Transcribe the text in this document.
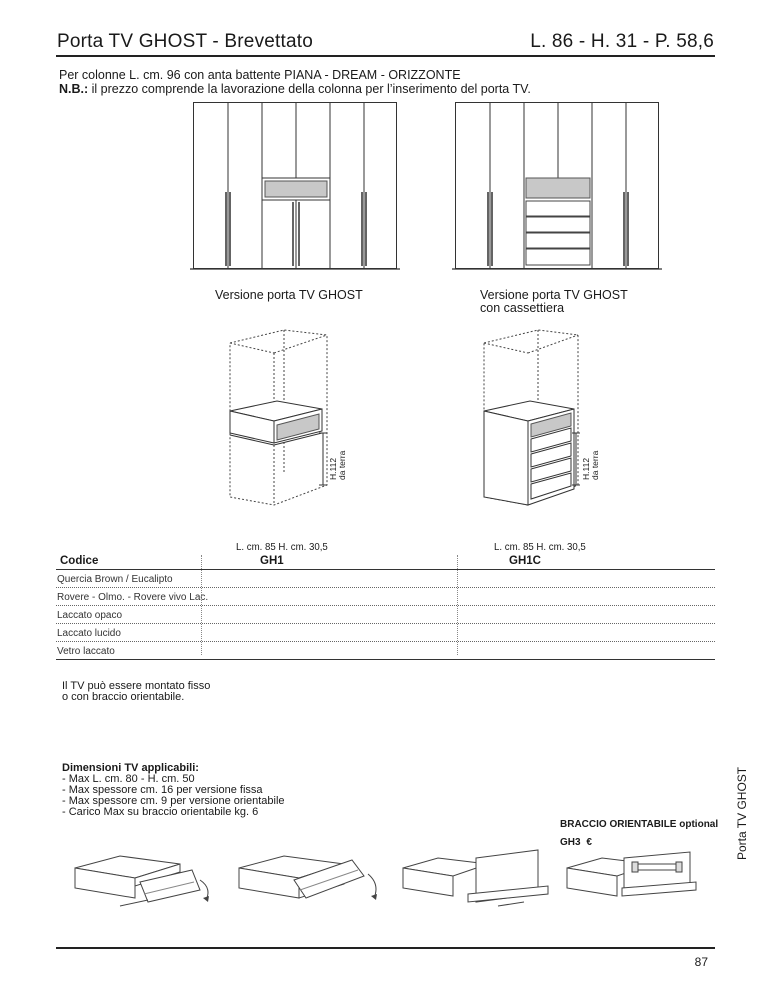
Porta TV GHOST - Brevettato	L. 86 - H. 31 - P. 58,6
Per colonne L. cm. 96 con anta battente PIANA - DREAM - ORIZZONTE
N.B.: il prezzo comprende la lavorazione della colonna per l’inserimento del porta TV.
Versione porta TV GHOST	Versione porta TV GHOST
con cassettiera
H.112 da terra	H.112 da terra
L. cm. 85 H. cm. 30,5	L. cm. 85 H. cm. 30,5
Codice	GH1	GH1C
Quercia Brown / Eucalipto
Rovere - Olmo. - Rovere vivo Lac.
Laccato opaco
Laccato lucido
Vetro laccato
Il TV può essere montato fisso
o con braccio orientabile.
Dimensioni TV applicabili:
- Max L. cm. 80 - H. cm. 50
- Max spessore cm. 16 per versione fissa
- Max spessore cm. 9 per versione orientabile
- Carico Max su braccio orientabile kg. 6
BRACCIO ORIENTABILE optional
GH3 €	Porta TV GHOST
87
